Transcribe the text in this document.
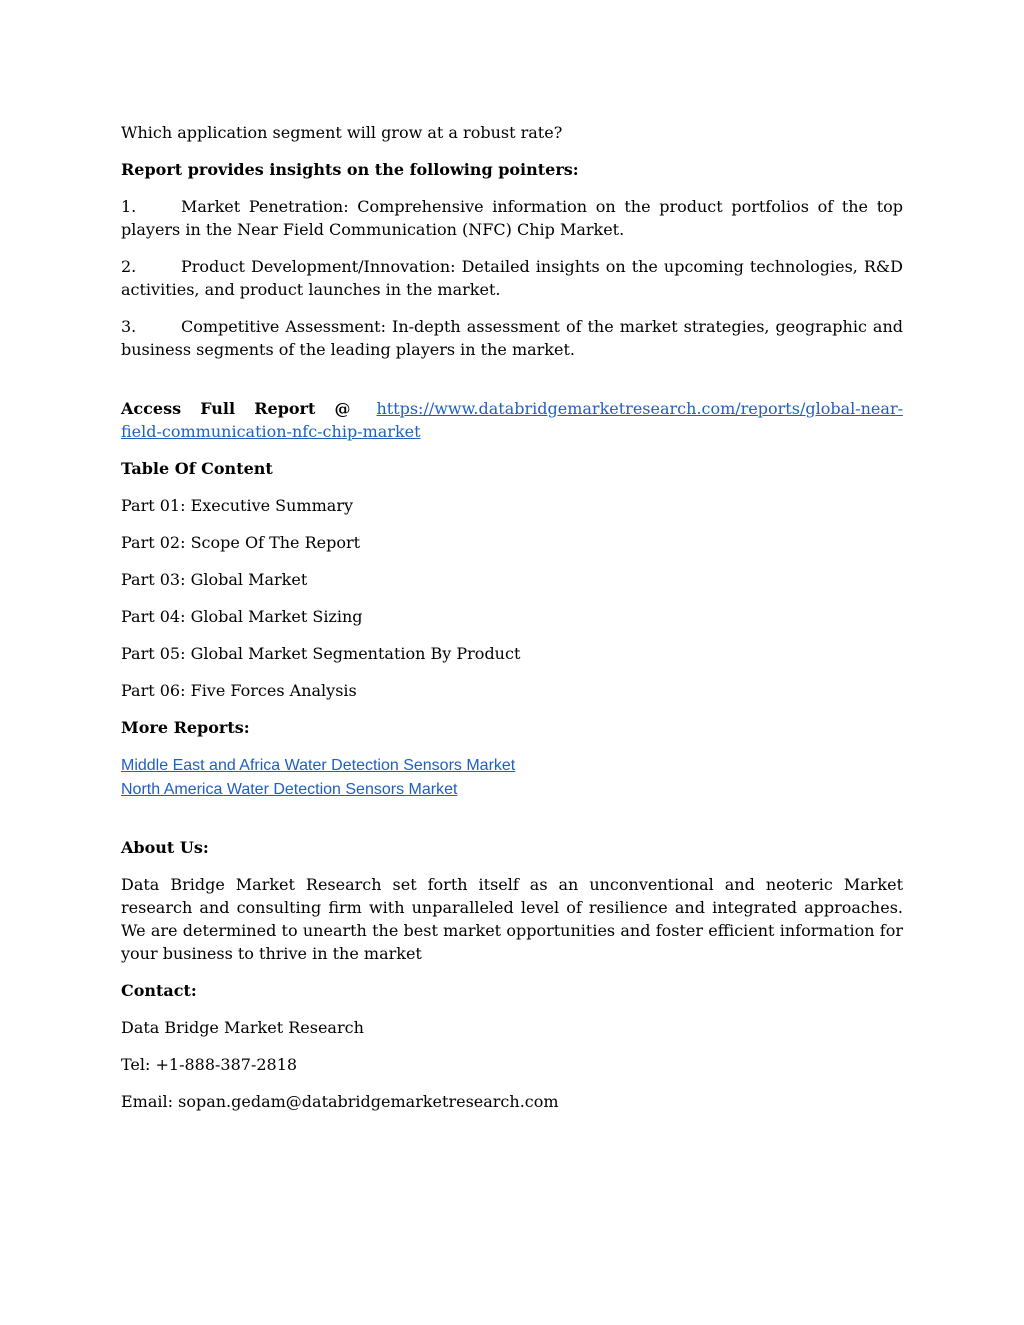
Which application segment will grow at a robust rate?

Report provides insights on the following pointers:

1.	Market Penetration: Comprehensive information on the product portfolios of the top players in the Near Field Communication (NFC) Chip Market.

2.	Product Development/Innovation: Detailed insights on the upcoming technologies, R&D activities, and product launches in the market.

3.	Competitive Assessment: In-depth assessment of the market strategies, geographic and business segments of the leading players in the market.

Access Full Report @ https://www.databridgemarketresearch.com/reports/global-near-field-communication-nfc-chip-market

Table Of Content

Part 01: Executive Summary

Part 02: Scope Of The Report

Part 03: Global Market

Part 04: Global Market Sizing

Part 05: Global Market Segmentation By Product

Part 06: Five Forces Analysis

More Reports:

Middle East and Africa Water Detection Sensors Market
North America Water Detection Sensors Market

About Us:

Data Bridge Market Research set forth itself as an unconventional and neoteric Market research and consulting firm with unparalleled level of resilience and integrated approaches. We are determined to unearth the best market opportunities and foster efficient information for your business to thrive in the market

Contact:

Data Bridge Market Research

Tel: +1-888-387-2818

Email: sopan.gedam@databridgemarketresearch.com
